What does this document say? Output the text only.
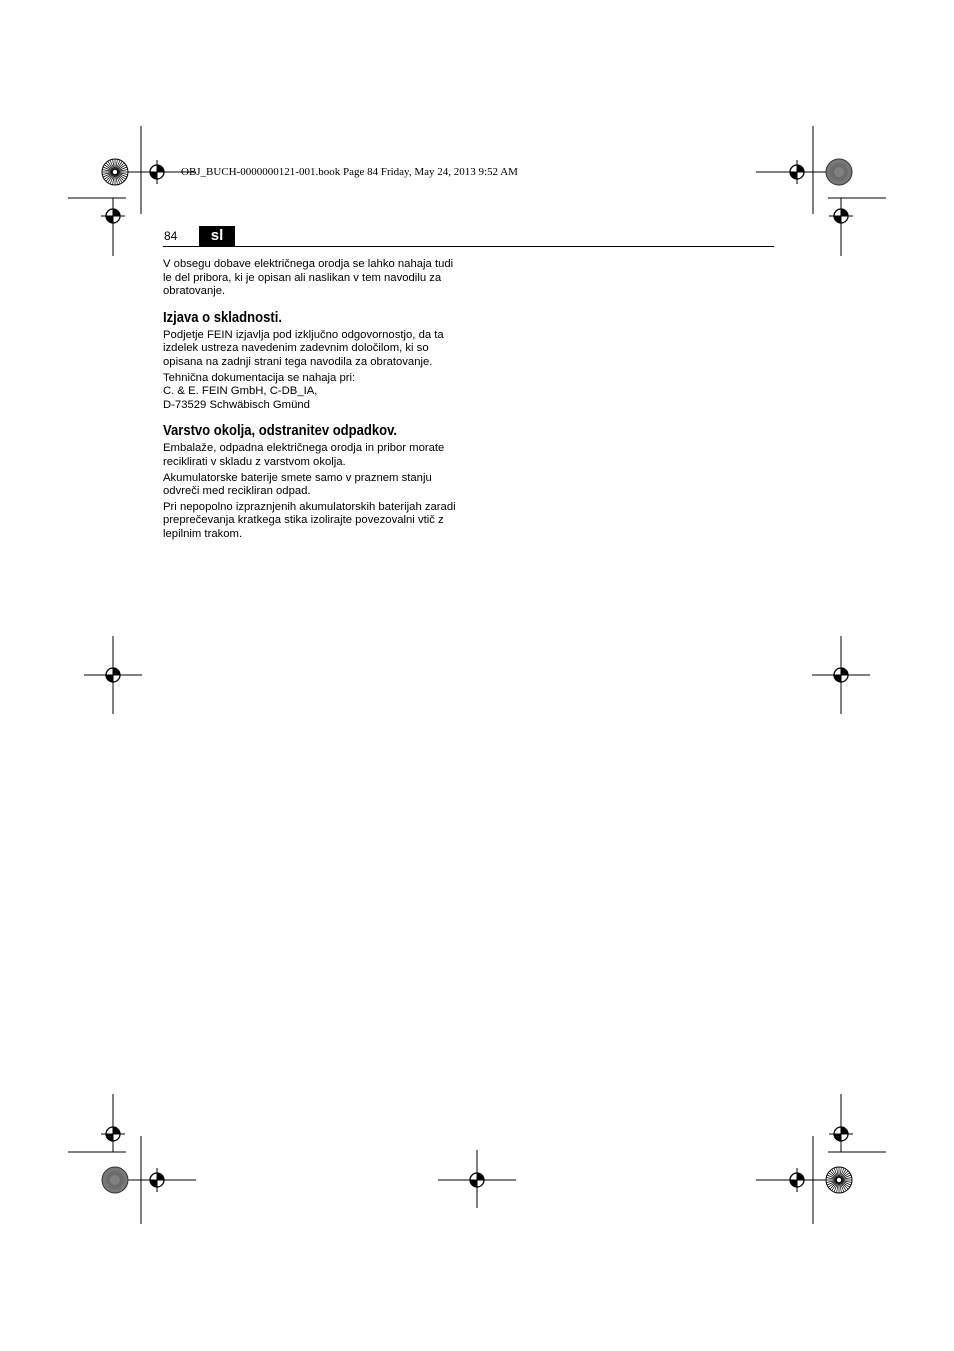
OBJ_BUCH-0000000121-001.book Page 84 Friday, May 24, 2013 9:52 AM
84	sl

V obsegu dobave električnega orodja se lahko nahaja tudi le del pribora, ki je opisan ali naslikan v tem navodilu za obratovanje.

Izjava o skladnosti.

Podjetje FEIN izjavlja pod izključno odgovornostjo, da ta izdelek ustreza navedenim zadevnim določilom, ki so opisana na zadnji strani tega navodila za obratovanje.

Tehnična dokumentacija se nahaja pri:
C. & E. FEIN GmbH, C-DB_IA,
D-73529 Schwäbisch Gmünd

Varstvo okolja, odstranitev odpadkov.

Embalaže, odpadna električnega orodja in pribor morate reciklirati v skladu z varstvom okolja.

Akumulatorske baterije smete samo v praznem stanju odvreči med recikliran odpad.

Pri nepopolno izpraznjenih akumulatorskih baterijah zaradi preprečevanja kratkega stika izolirajte povezovalni vtič z lepilnim trakom.
